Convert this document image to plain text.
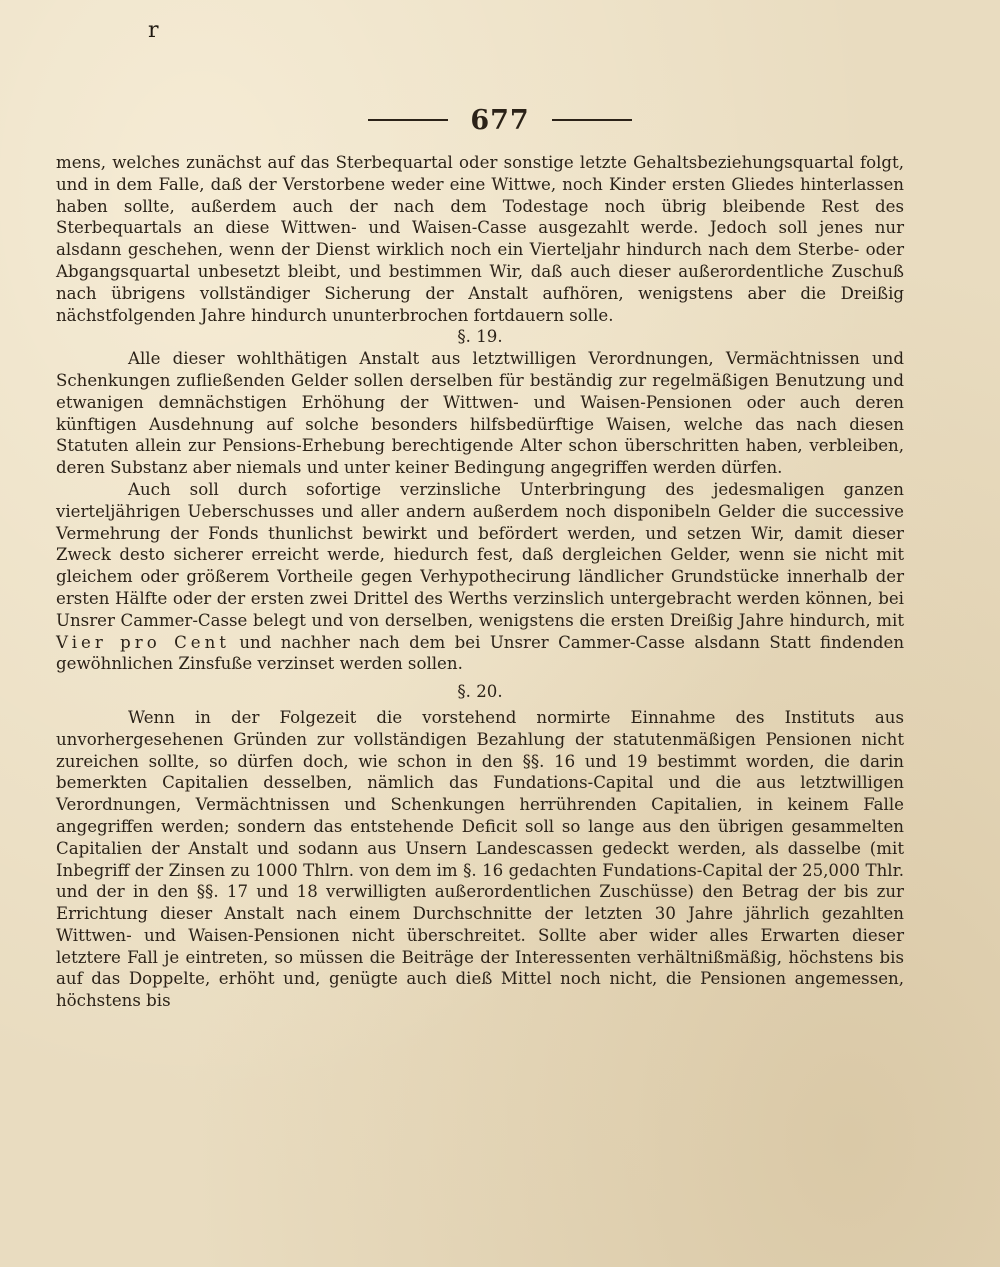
r
677

mens, welches zunächst auf das Sterbequartal oder sonstige letzte Gehaltsbeziehungsquartal folgt, und in dem Falle, daß der Verstorbene weder eine Wittwe, noch Kinder ersten Gliedes hinterlassen haben sollte, außerdem auch der nach dem Todestage noch übrig bleibende Rest des Sterbequartals an diese Wittwen- und Waisen-Casse ausgezahlt werde. Jedoch soll jenes nur alsdann geschehen, wenn der Dienst wirklich noch ein Vierteljahr hindurch nach dem Sterbe- oder Abgangsquartal unbesetzt bleibt, und bestimmen Wir, daß auch dieser außerordentliche Zuschuß nach übrigens vollständiger Sicherung der Anstalt aufhören, wenigstens aber die Dreißig nächstfolgenden Jahre hindurch ununterbrochen fortdauern solle.

§. 19.

Alle dieser wohlthätigen Anstalt aus letztwilligen Verordnungen, Vermächtnissen und Schenkungen zufließenden Gelder sollen derselben für beständig zur regelmäßigen Benutzung und etwanigen demnächstigen Erhöhung der Wittwen- und Waisen-Pensionen oder auch deren künftigen Ausdehnung auf solche besonders hilfsbedürftige Waisen, welche das nach diesen Statuten allein zur Pensions-Erhebung berechtigende Alter schon überschritten haben, verbleiben, deren Substanz aber niemals und unter keiner Bedingung angegriffen werden dürfen.

Auch soll durch sofortige verzinsliche Unterbringung des jedesmaligen ganzen vierteljährigen Ueberschusses und aller andern außerdem noch disponibeln Gelder die successive Vermehrung der Fonds thunlichst bewirkt und befördert werden, und setzen Wir, damit dieser Zweck desto sicherer erreicht werde, hiedurch fest, daß dergleichen Gelder, wenn sie nicht mit gleichem oder größerem Vortheile gegen Verhypothecirung ländlicher Grundstücke innerhalb der ersten Hälfte oder der ersten zwei Drittel des Werths verzinslich untergebracht werden können, bei Unsrer Cammer-Casse belegt und von derselben, wenigstens die ersten Dreißig Jahre hindurch, mit Vier pro Cent und nachher nach dem bei Unsrer Cammer-Casse alsdann Statt findenden gewöhnlichen Zinsfuße verzinset werden sollen.

§. 20.

Wenn in der Folgezeit die vorstehend normirte Einnahme des Instituts aus unvorhergesehenen Gründen zur vollständigen Bezahlung der statutenmäßigen Pensionen nicht zureichen sollte, so dürfen doch, wie schon in den §§. 16 und 19 bestimmt worden, die darin bemerkten Capitalien desselben, nämlich das Fundations-Capital und die aus letztwilligen Verordnungen, Vermächtnissen und Schenkungen herrührenden Capitalien, in keinem Falle angegriffen werden; sondern das entstehende Deficit soll so lange aus den übrigen gesammelten Capitalien der Anstalt und sodann aus Unsern Landescassen gedeckt werden, als dasselbe (mit Inbegriff der Zinsen zu 1000 Thlrn. von dem im §. 16 gedachten Fundations-Capital der 25,000 Thlr. und der in den §§. 17 und 18 verwilligten außerordentlichen Zuschüsse) den Betrag der bis zur Errichtung dieser Anstalt nach einem Durchschnitte der letzten 30 Jahre jährlich gezahlten Wittwen- und Waisen-Pensionen nicht überschreitet. Sollte aber wider alles Erwarten dieser letztere Fall je eintreten, so müssen die Beiträge der Interessenten verhältnißmäßig, höchstens bis auf das Doppelte, erhöht und, genügte auch dieß Mittel noch nicht, die Pensionen angemessen, höchstens bis
